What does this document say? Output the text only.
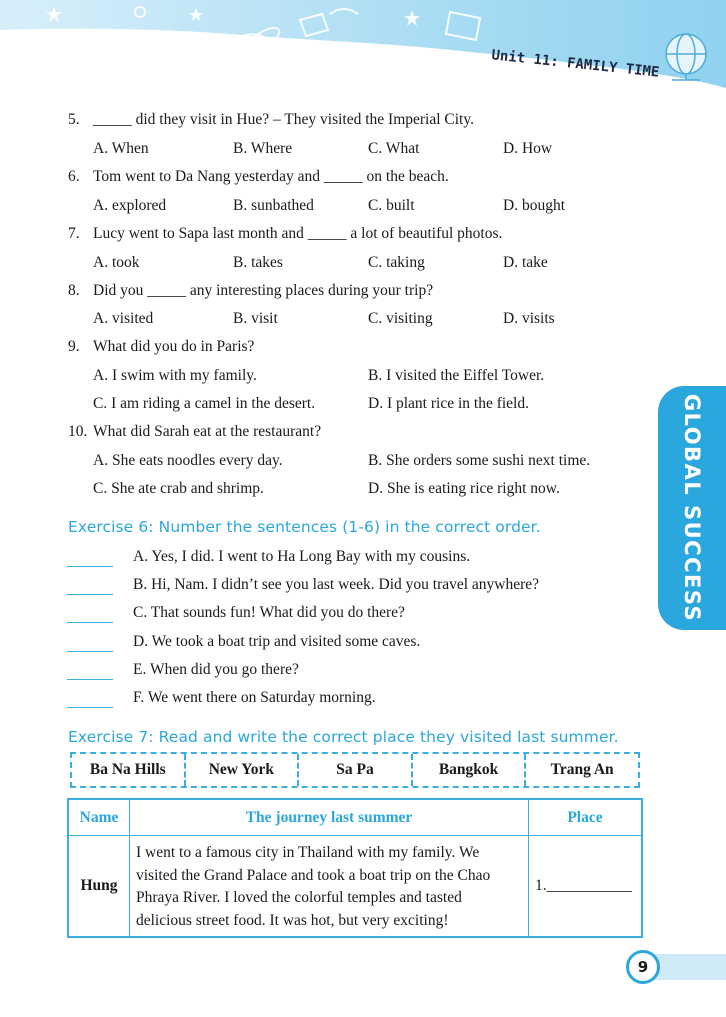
Unit 11: FAMILY TIME
5. _____ did they visit in Hue? – They visited the Imperial City.
A. When	B. Where	C. What	D. How
6. Tom went to Da Nang yesterday and _____ on the beach.
A. explored	B. sunbathed	C. built	D. bought
7. Lucy went to Sapa last month and _____ a lot of beautiful photos.
A. took	B. takes	C. taking	D. take
8. Did you _____ any interesting places during your trip?
A. visited	B. visit	C. visiting	D. visits
9. What did you do in Paris?
A. I swim with my family.	B. I visited the Eiffel Tower.
C. I am riding a camel in the desert.	D. I plant rice in the field.
10. What did Sarah eat at the restaurant?
A. She eats noodles every day.	B. She orders some sushi next time.
C. She ate crab and shrimp.	D. She is eating rice right now.	GLOBAL SUCCESS
Exercise 6: Number the sentences (1-6) in the correct order.
A. Yes, I did. I went to Ha Long Bay with my cousins.
B. Hi, Nam. I didn’t see you last week. Did you travel anywhere?
C. That sounds fun! What did you do there?
D. We took a boat trip and visited some caves.
E. When did you go there?
F. We went there on Saturday morning.
Exercise 7: Read and write the correct place they visited last summer.
Ba Na Hills	New York	Sa Pa	Bangkok	Trang An
Name	The journey last summer	Place
Hung	I went to a famous city in Thailand with my family. We
visited the Grand Palace and took a boat trip on the Chao
Phraya River. I loved the colorful temples and tasted
delicious street food. It was hot, but very exciting!	1.___________
9
